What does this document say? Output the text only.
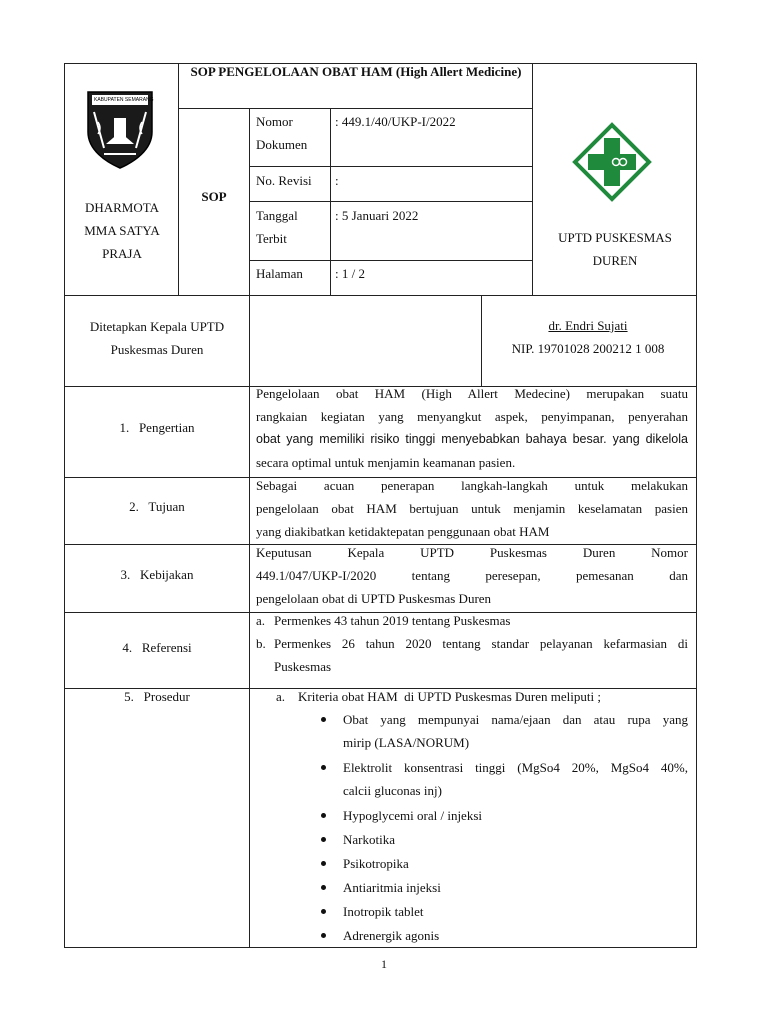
KABUPATEN SEMARANG
DHARMOTA MMA SATYA PRAJA
SOP PENGELOLAAN OBAT HAM (High Allert Medicine)
SOP
Nomor Dokumen
: 449.1/40/UKP-I/2022
No. Revisi	:
Tanggal Terbit
: 5 Januari 2022
Halaman	: 1 / 2
UPTD PUSKESMAS DUREN
Ditetapkan Kepala UPTD Puskesmas Duren
dr. Endri Sujati
NIP. 19701028 200212 1 008
1.   Pengertian
2.   Tujuan
3.   Kebijakan
4.   Referensi
5.   Prosedur
Pengelolaan obat HAM (High Allert Medecine) merupakan suatu
rangkaian kegiatan yang menyangkut aspek, penyimpanan, penyerahan
obat yang memiliki risiko tinggi menyebabkan bahaya besar. yang dikelola
secara optimal untuk menjamin keamanan pasien.
Sebagai acuan penerapan langkah-langkah untuk melakukan
pengelolaan obat HAM bertujuan untuk menjamin keselamatan pasien
yang diakibatkan ketidaktepatan penggunaan obat HAM
Keputusan Kepala UPTD Puskesmas Duren Nomor
449.1/047/UKP-I/2020 tentang peresepan, pemesanan dan
pengelolaan obat di UPTD Puskesmas Duren
a. Permenkes 43 tahun 2019 tentang Puskesmas
b. Permenkes 26 tahun 2020 tentang standar pelayanan kefarmasian di
Puskesmas
a. Kriteria obat HAM  di UPTD Puskesmas Duren meliputi ;
Obat yang mempunyai nama/ejaan dan atau rupa yang
mirip (LASA/NORUM)
Elektrolit konsentrasi tinggi (MgSo4 20%, MgSo4 40%,
calcii gluconas inj)
Hypoglycemi oral / injeksi
Narkotika
Psikotropika
Antiaritmia injeksi
Inotropik tablet
Adrenergik agonis
1
